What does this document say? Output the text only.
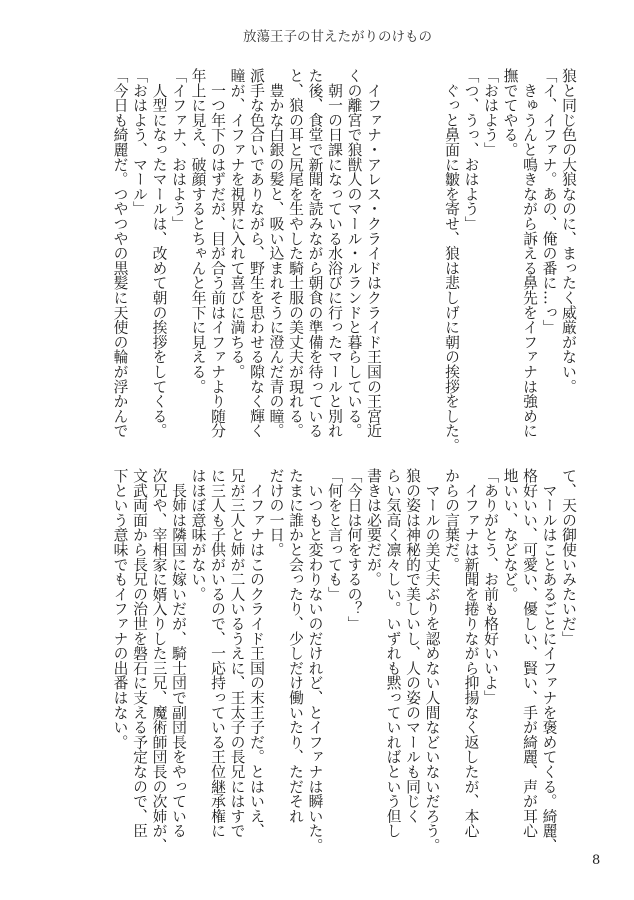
放蕩王子の甘えたがりのけもの
狼と同じ色の大狼なのに、まったく威厳がない。
「イ、イファナ。あの、俺の番に…っ」
　きゅうんと鳴きながら訴える鼻先をイファナは強めに
撫でてやる。
「おはよう」
「つ、うっ、おはよう」
　ぐっと鼻面に皺を寄せ、狼は悲しげに朝の挨拶をした。
　イファナ・アレス・クライドはクライド王国の王宮近
くの離宮で狼獣人のマール・ルランドと暮らしている。
　朝一の日課になっている水浴びに行ったマールと別れ
た後、食堂で新聞を読みながら朝食の準備を待っている
と、狼の耳と尻尾を生やした騎士服の美丈夫が現れる。
　豊かな白銀の髪と、吸い込まれそうに澄んだ青の瞳。
派手な色合いでありながら、野生を思わせる隙なく輝く
瞳が、イファナを視界に入れて喜びに満ちる。
　一つ年下のはずだが、目が合う前はイファナより随分
年上に見え、破顔するとちゃんと年下に見える。
「イファナ、おはよう」
　人型になったマールは、改めて朝の挨拶をしてくる。
「おはよう、マール」
「今日も綺麗だ。つやつやの黒髪に天使の輪が浮かんで
て、天の御使いみたいだ」
　マールはことあるごとにイファナを褒めてくる。綺麗、
格好いい、可愛い、優しい、賢い、手が綺麗、声が耳心
地いい、などなど。
「ありがとう、お前も格好いいよ」
　イファナは新聞を捲りながら抑揚なく返したが、本心
からの言葉だ。
　マールの美丈夫ぶりを認めない人間などいないだろう。
狼の姿は神秘的で美しいし、人の姿のマールも同じく
らい気高く凛々しい。いずれも黙っていればという但し
書きは必要だが。
「今日は何をするの？」
「何をと言っても」
　いつもと変わりないのだけれど、とイファナは瞬いた。
たまに誰かと会ったり、少しだけ働いたり、ただそれ
だけの一日。
　イファナはこのクライド王国の末王子だ。とはいえ、
兄が三人と姉が二人いるうえに、王太子の長兄にはすで
に三人も子供がいるので、一応持っている王位継承権に
はほぼ意味がない。
　長姉は隣国に嫁いだが、騎士団で副団長をやっている
次兄や、宰相家に婿入りした三兄、魔術師団長の次姉が、
文武両面から長兄の治世を磐石に支える予定なので、臣
下という意味でもイファナの出番はない。
8
